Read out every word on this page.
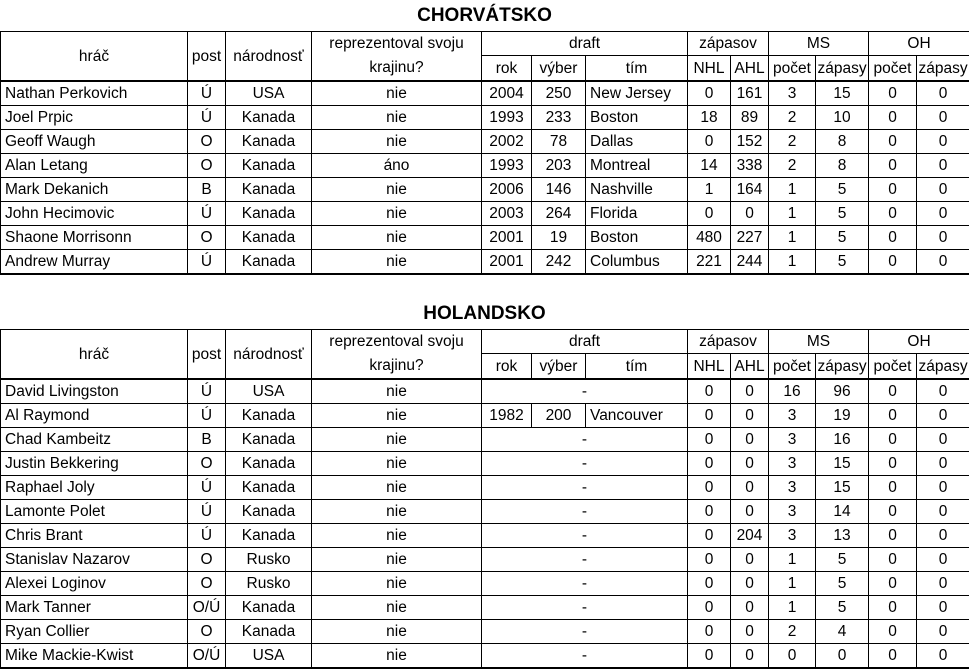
CHORVÁTSKO
hráč	post	národnosť	reprezentoval svoju krajinu?	draft			zápasov		MS		OH	
				rok	výber	tím	NHL	AHL	počet	zápasy	počet	zápasy
Nathan Perkovich	Ú	USA	nie	2004	250	New Jersey	0	161	3	15	0	0
Joel Prpic	Ú	Kanada	nie	1993	233	Boston	18	89	2	10	0	0
Geoff Waugh	O	Kanada	nie	2002	78	Dallas	0	152	2	8	0	0
Alan Letang	O	Kanada	áno	1993	203	Montreal	14	338	2	8	0	0
Mark Dekanich	B	Kanada	nie	2006	146	Nashville	1	164	1	5	0	0
John Hecimovic	Ú	Kanada	nie	2003	264	Florida	0	0	1	5	0	0
Shaone Morrisonn	O	Kanada	nie	2001	19	Boston	480	227	1	5	0	0
Andrew Murray	Ú	Kanada	nie	2001	242	Columbus	221	244	1	5	0	0
HOLANDSKO
hráč	post	národnosť	reprezentoval svoju krajinu?	draft			zápasov		MS		OH	
				rok	výber	tím	NHL	AHL	počet	zápasy	počet	zápasy
David Livingston	Ú	USA	nie	-			0	0	16	96	0	0
Al Raymond	Ú	Kanada	nie	1982	200	Vancouver	0	0	3	19	0	0
Chad Kambeitz	B	Kanada	nie	-			0	0	3	16	0	0
Justin Bekkering	O	Kanada	nie	-			0	0	3	15	0	0
Raphael Joly	Ú	Kanada	nie	-			0	0	3	15	0	0
Lamonte Polet	Ú	Kanada	nie	-			0	0	3	14	0	0
Chris Brant	Ú	Kanada	nie	-			0	204	3	13	0	0
Stanislav Nazarov	O	Rusko	nie	-			0	0	1	5	0	0
Alexei Loginov	O	Rusko	nie	-			0	0	1	5	0	0
Mark Tanner	O/Ú	Kanada	nie	-			0	0	1	5	0	0
Ryan Collier	O	Kanada	nie	-			0	0	2	4	0	0
Mike Mackie-Kwist	O/Ú	USA	nie	-			0	0	0	0	0	0
